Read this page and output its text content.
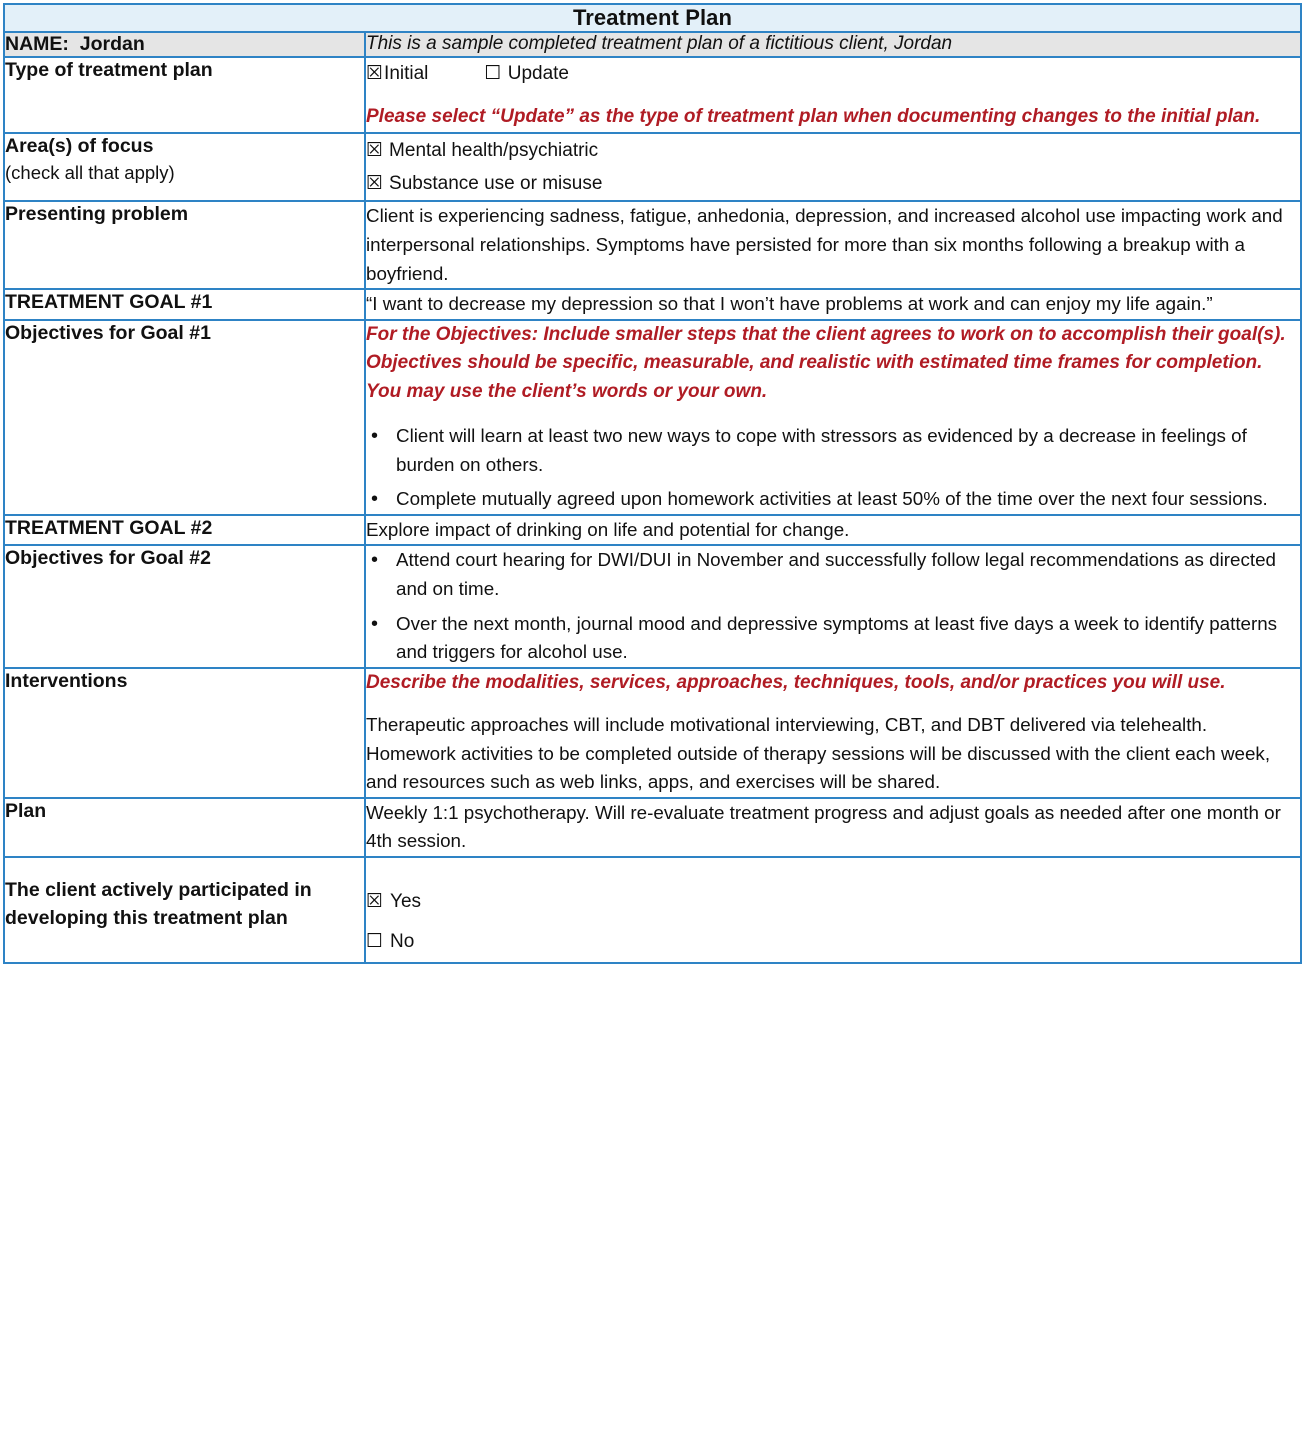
Treatment Plan	
NAME:  Jordan	This is a sample completed treatment plan of a fictitious client, Jordan
Type of treatment plan	☒Initial ☐ Update

Please select “Update” as the type of treatment plan when documenting changes to the initial plan.

Area(s) of focus
(check all that apply)	☒ Mental health/psychiatric
☒ Substance use or misuse

Presenting problem	Client is experiencing sadness, fatigue, anhedonia, depression, and increased alcohol use impacting work and interpersonal relationships. Symptoms have persisted for more than six months following a breakup with a boyfriend.

TREATMENT GOAL #1	“I want to decrease my depression so that I won’t have problems at work and can enjoy my life again.”

Objectives for Goal #1	For the Objectives: Include smaller steps that the client agrees to work on to accomplish their goal(s). Objectives should be specific, measurable, and realistic with estimated time frames for completion. You may use the client’s words or your own.

• Client will learn at least two new ways to cope with stressors as evidenced by a decrease in feelings of burden on others.
• Complete mutually agreed upon homework activities at least 50% of the time over the next four sessions.

TREATMENT GOAL #2	Explore impact of drinking on life and potential for change.

Objectives for Goal #2	
•Attend court hearing for DWI/DUI in November and successfully follow legal recommendations as directed and on time.
• Over the next month, journal mood and depressive symptoms at least five days a week to identify patterns and triggers for alcohol use.

Interventions	Describe the modalities, services, approaches, techniques, tools, and/or practices you will use.

Therapeutic approaches will include motivational interviewing, CBT, and DBT delivered via telehealth. Homework activities to be completed outside of therapy sessions will be discussed with the client each week, and resources such as web links, apps, and exercises will be shared.

Plan	Weekly 1:1 psychotherapy. Will re-evaluate treatment progress and adjust goals as needed after one month or 4th session.

The client actively participated in developing this treatment plan	☒ Yes
☐ No
